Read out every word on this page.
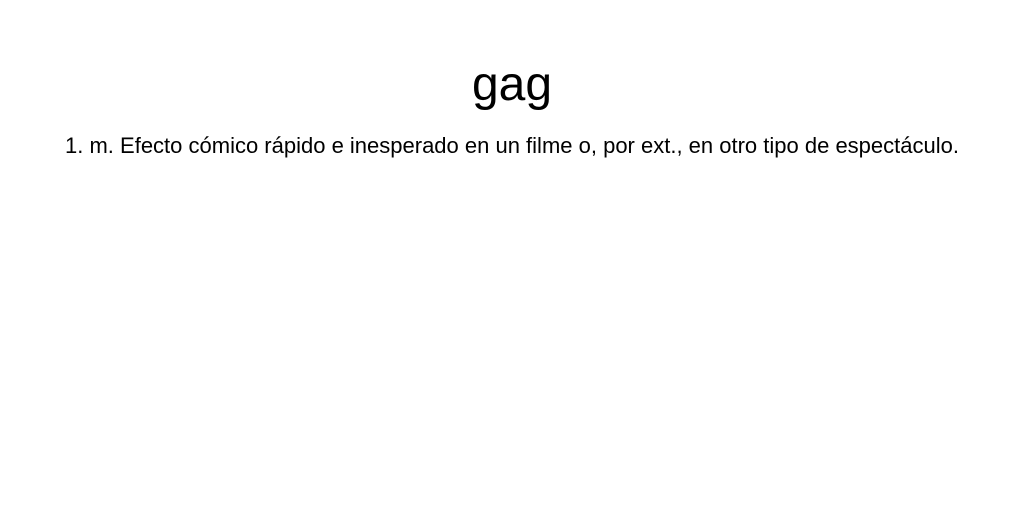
gag

1. m. Efecto cómico rápido e inesperado en un filme o, por ext., en otro tipo de espectáculo.
